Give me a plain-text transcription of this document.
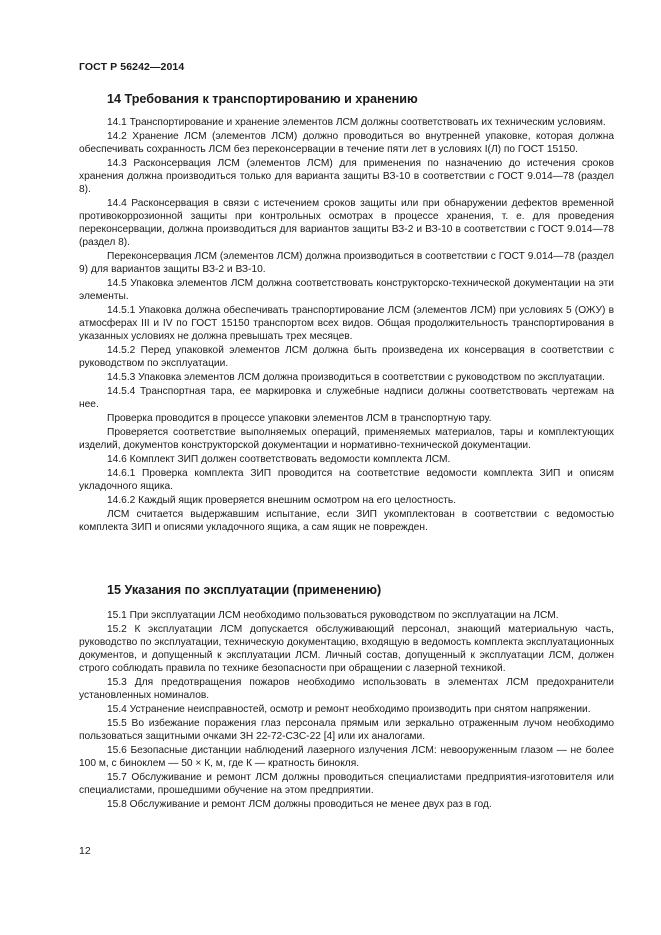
ГОСТ Р 56242—2014
14 Требования к транспортированию и хранению

14.1 Транспортирование и хранение элементов ЛСМ должны соответствовать их техническим условиям.

14.2 Хранение ЛСМ (элементов ЛСМ) должно проводиться во внутренней упаковке, которая должна обеспечивать сохранность ЛСМ без переконсервации в течение пяти лет в условиях I(Л) по ГОСТ 15150.

14.3 Расконсервация ЛСМ (элементов ЛСМ) для применения по назначению до истечения сроков хранения должна производиться только для варианта защиты ВЗ-10 в соответствии с ГОСТ 9.014—78 (раздел 8).

14.4 Расконсервация в связи с истечением сроков защиты или при обнаружении дефектов временной противокоррозионной защиты при контрольных осмотрах в процессе хранения, т. е. для проведения переконсервации, должна производиться для вариантов защиты ВЗ-2 и ВЗ-10 в соответствии с ГОСТ 9.014—78 (раздел 8).

Переконсервация ЛСМ (элементов ЛСМ) должна производиться в соответствии с ГОСТ 9.014—78 (раздел 9) для вариантов защиты ВЗ-2 и ВЗ-10.

14.5 Упаковка элементов ЛСМ должна соответствовать конструкторско-технической документации на эти элементы.

14.5.1 Упаковка должна обеспечивать транспортирование ЛСМ (элементов ЛСМ) при условиях 5 (ОЖУ) в атмосферах III и IV по ГОСТ 15150 транспортом всех видов. Общая продолжительность транспортирования в указанных условиях не должна превышать трех месяцев.

14.5.2 Перед упаковкой элементов ЛСМ должна быть произведена их консервация в соответствии с руководством по эксплуатации.

14.5.3 Упаковка элементов ЛСМ должна производиться в соответствии с руководством по эксплуатации.

14.5.4 Транспортная тара, ее маркировка и служебные надписи должны соответствовать чертежам на нее.

Проверка проводится в процессе упаковки элементов ЛСМ в транспортную тару.

Проверяется соответствие выполняемых операций, применяемых материалов, тары и комплектующих изделий, документов конструкторской документации и нормативно-технической документации.

14.6 Комплект ЗИП должен соответствовать ведомости комплекта ЛСМ.

14.6.1 Проверка комплекта ЗИП проводится на соответствие ведомости комплекта ЗИП и описям укладочного ящика.

14.6.2 Каждый ящик проверяется внешним осмотром на его целостность.

ЛСМ считается выдержавшим испытание, если ЗИП укомплектован в соответствии с ведомостью комплекта ЗИП и описями укладочного ящика, а сам ящик не поврежден.

15 Указания по эксплуатации (применению)

15.1 При эксплуатации ЛСМ необходимо пользоваться руководством по эксплуатации на ЛСМ.

15.2 К эксплуатации ЛСМ допускается обслуживающий персонал, знающий материальную часть, руководство по эксплуатации, техническую документацию, входящую в ведомость комплекта эксплуатационных документов, и допущенный к эксплуатации ЛСМ. Личный состав, допущенный к эксплуатации ЛСМ, должен строго соблюдать правила по технике безопасности при обращении с лазерной техникой.

15.3 Для предотвращения пожаров необходимо использовать в элементах ЛСМ предохранители установленных номиналов.

15.4 Устранение неисправностей, осмотр и ремонт необходимо производить при снятом напряжении.

15.5 Во избежание поражения глаз персонала прямым или зеркально отраженным лучом необходимо пользоваться защитными очками ЗН 22-72-СЗС-22 [4] или их аналогами.

15.6 Безопасные дистанции наблюдений лазерного излучения ЛСМ: невооруженным глазом — не более 100 м, с биноклем — 50 × К, м, где К — кратность бинокля.

15.7 Обслуживание и ремонт ЛСМ должны проводиться специалистами предприятия-изготовителя или специалистами, прошедшими обучение на этом предприятии.

15.8 Обслуживание и ремонт ЛСМ должны проводиться не менее двух раз в год.

12
